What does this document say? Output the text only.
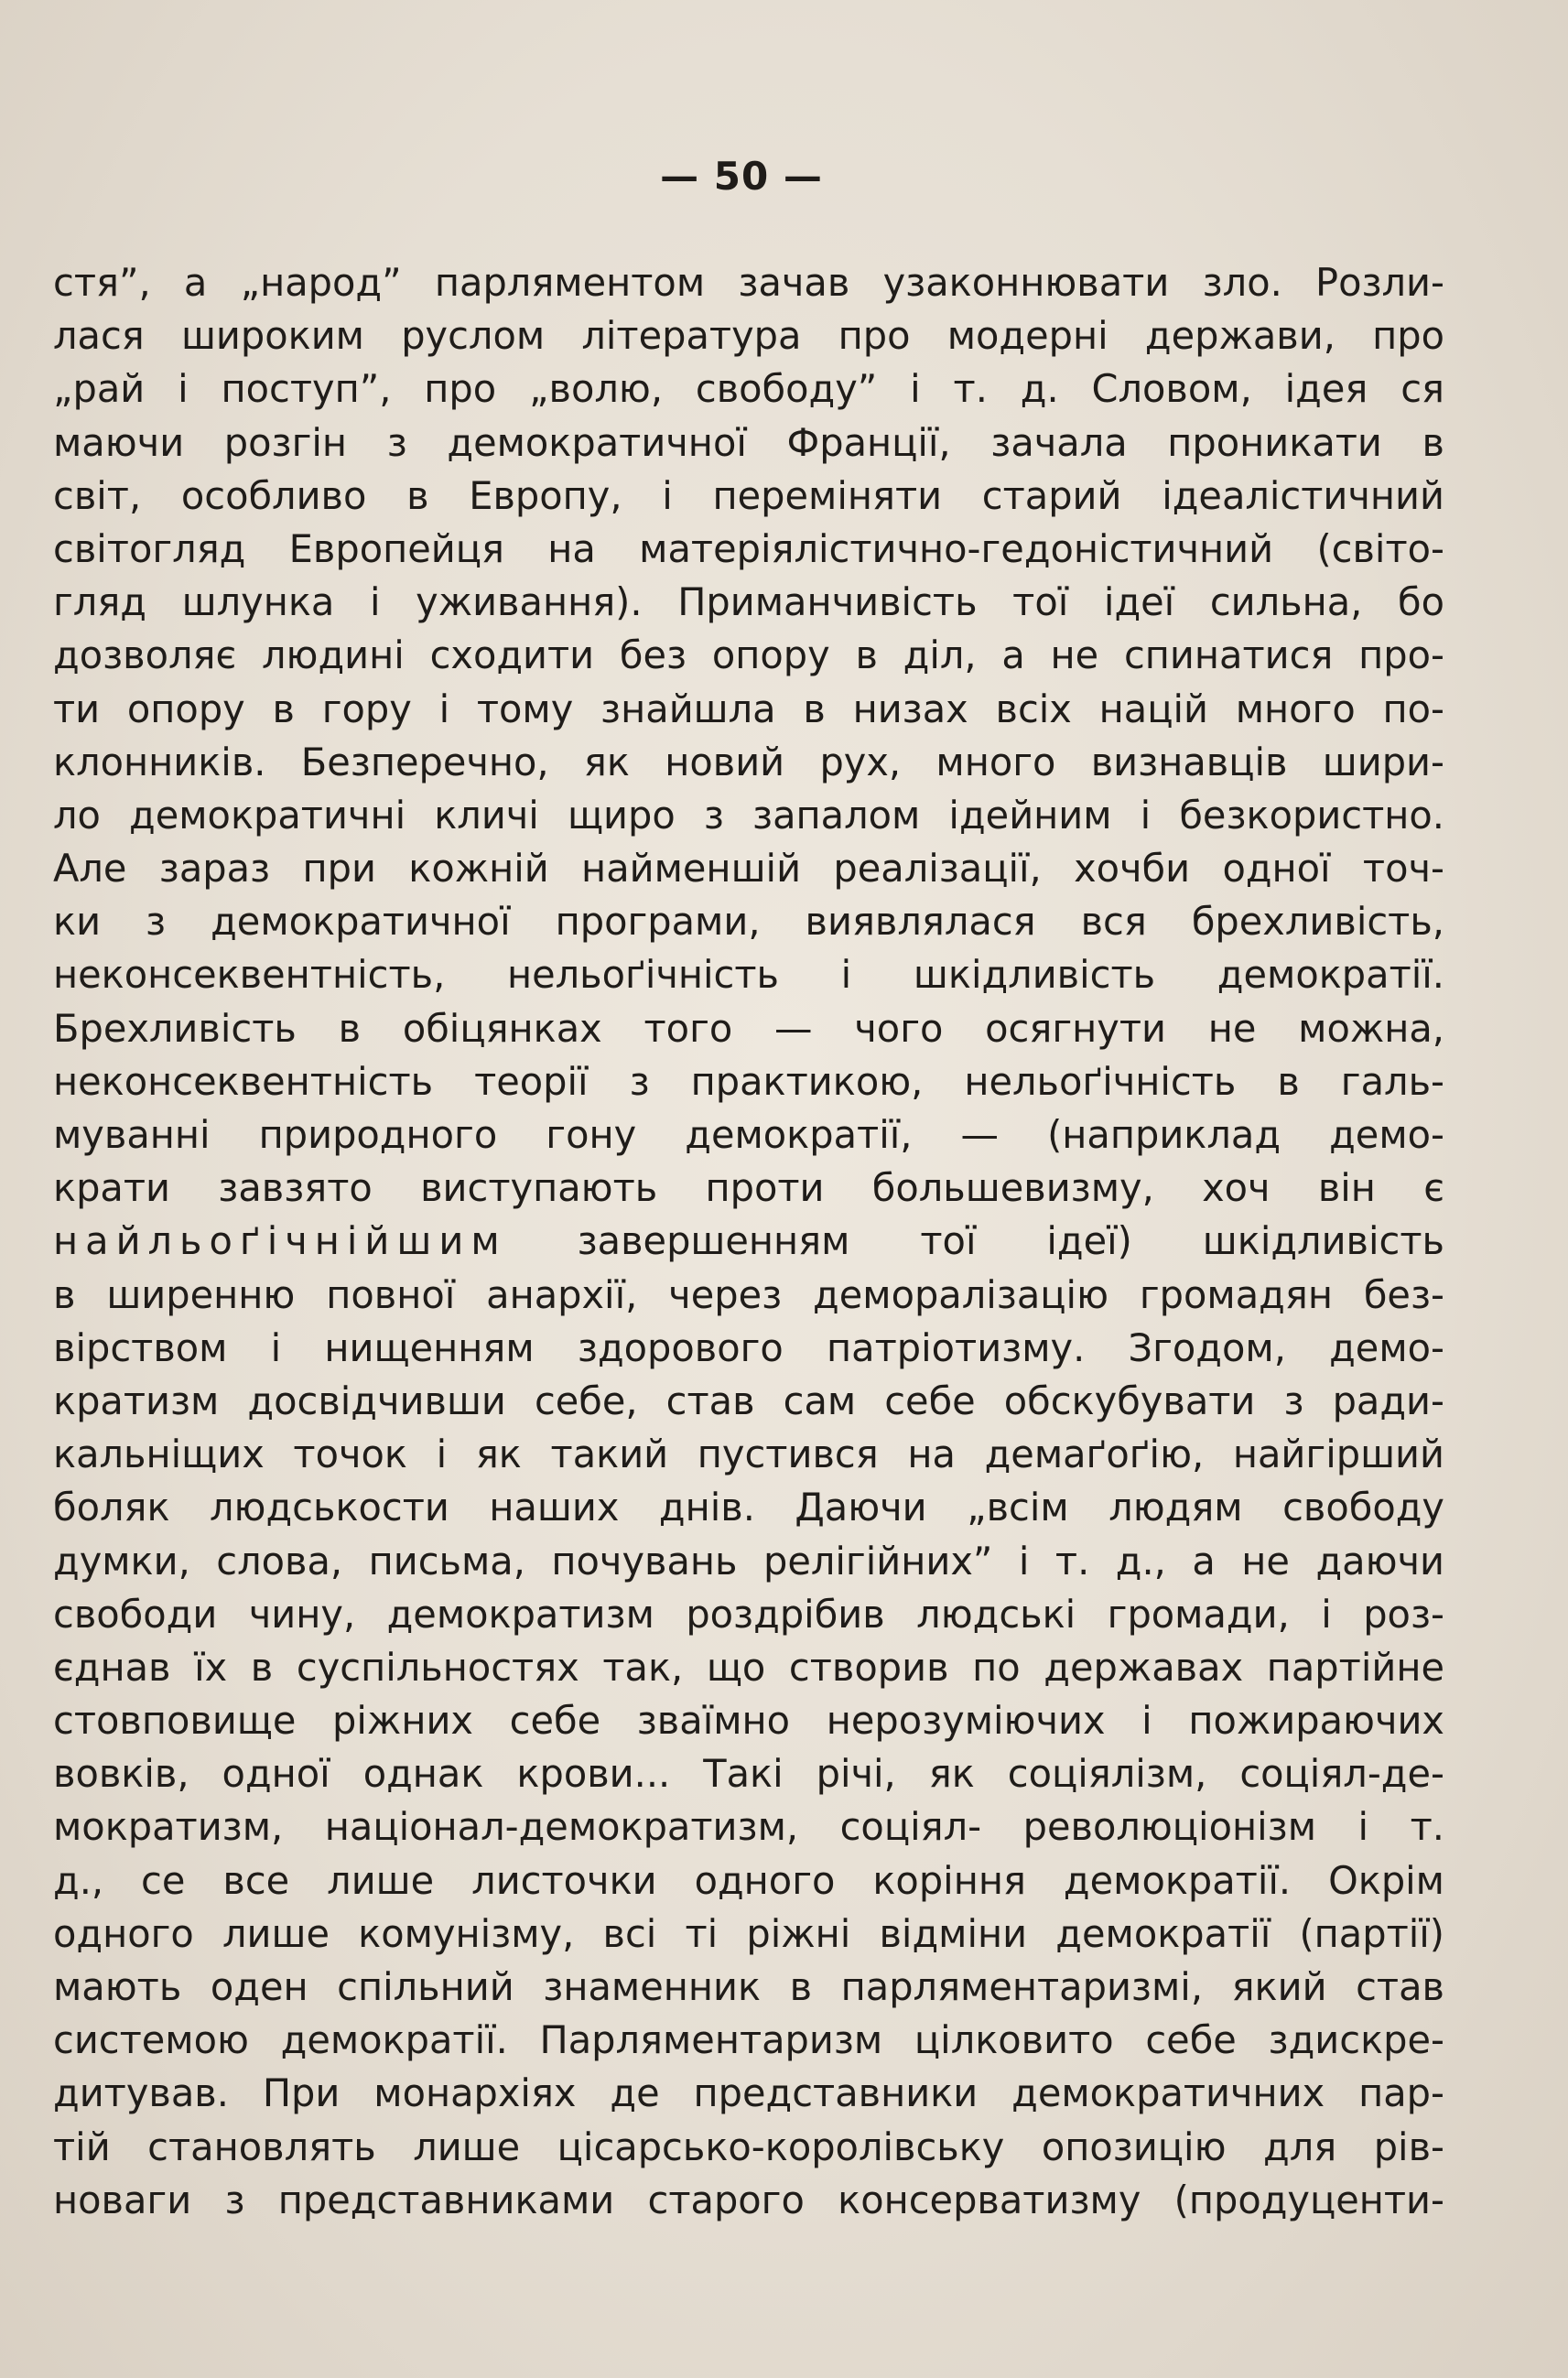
— 50 —
стя”, а „народ” парляментом зачав узаконнювати зло. Розли-
лася широким руслом література про модерні держави, про
„рай і поступ”, про „волю, свободу” і т. д. Словом, ідея ся
маючи розгін з демократичної Франції, зачала проникати в
світ, особливо в Европу, і переміняти старий ідеалістичний
світогляд Европейця на матеріялістично-гедоністичний (світо-
гляд шлунка і уживання). Приманчивість тої ідеї сильна, бо
дозволяє людині сходити без опору в діл, а не спинатися про-
ти опору в гору і тому знайшла в низах всіх націй много по-
клонників. Безперечно, як новий рух, много визнавців шири-
ло демократичні кличі щиро з запалом ідейним і безкористно.
Але зараз при кожній найменшій реалізації, хочби одної точ-
ки з демократичної програми, виявлялася вся брехливість,
неконсеквентність, нельоґічність і шкідливість демократії.
Брехливість в обіцянках того — чого осягнути не можна,
неконсеквентність теорії з практикою, нельоґічність в галь-
муванні природного гону демократії, — (наприклад демо-
крати завзято виступають проти большевизму, хоч він є
найльоґічнійшим завершенням тої ідеї) шкідливість
в ширенню повної анархії, через деморалізацію громадян без-
вірством і нищенням здорового патріотизму. Згодом, демо-
кратизм досвідчивши себе, став сам себе обскубувати з ради-
кальніщих точок і як такий пустився на демаґоґію, найгірший
боляк людськости наших днів. Даючи „всім людям свободу
думки, слова, письма, почувань релігійних” і т. д., а не даючи
свободи чину, демократизм роздрібив людські громади, і роз-
єднав їх в суспільностях так, що створив по державах партійне
стовповище ріжних себе зваїмно нерозуміючих і пожираючих
вовків, одної однак крови... Такі річі, як соціялізм, соціял-де-
мократизм, націонал-демократизм, соціял- революціонізм і т.
д., се все лише листочки одного коріння демократії. Окрім
одного лише комунізму, всі ті ріжні відміни демократії (партії)
мають оден спільний знаменник в парляментаризмі, який став
системою демократії. Парляментаризм цілковито себе здискре-
дитував. При монархіях де представники демократичних пар-
тій становлять лише цісарсько-королівську опозицію для рів-
новаги з представниками старого консерватизму (продуценти-
